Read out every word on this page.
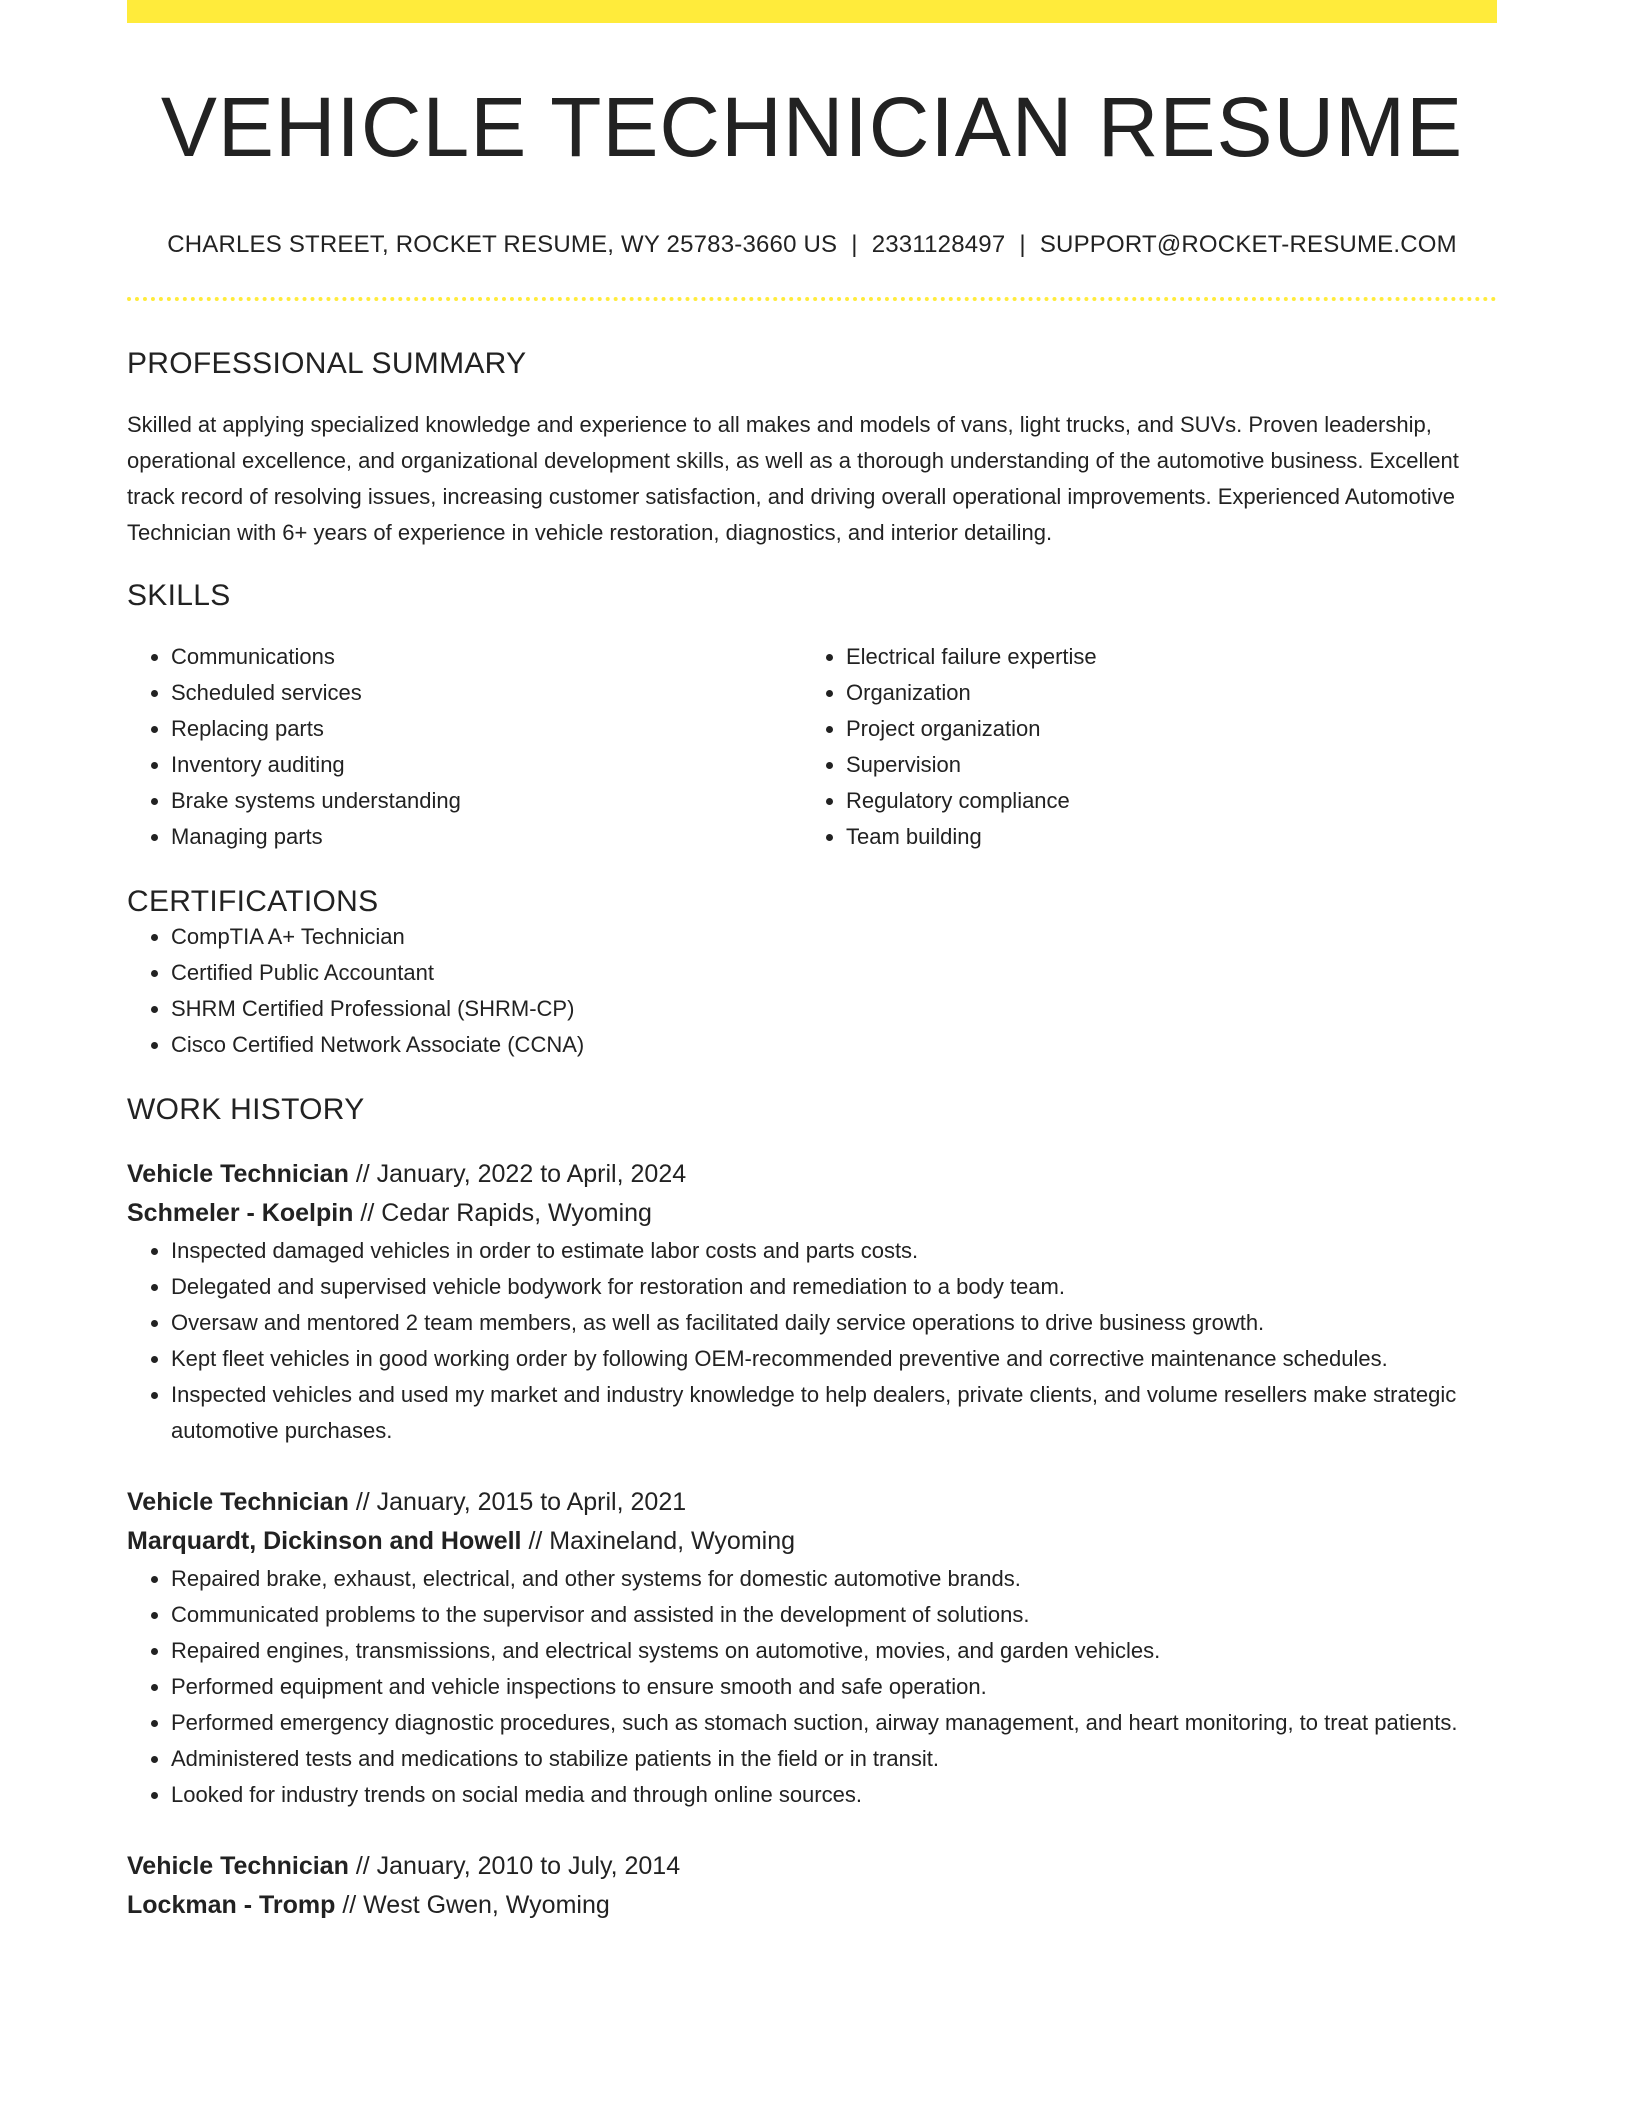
VEHICLE TECHNICIAN RESUME
CHARLES STREET, ROCKET RESUME, WY 25783-3660 US | 2331128497 | SUPPORT@ROCKET-RESUME.COM
PROFESSIONAL SUMMARY
Skilled at applying specialized knowledge and experience to all makes and models of vans, light trucks, and SUVs. Proven leadership, operational excellence, and organizational development skills, as well as a thorough understanding of the automotive business. Excellent track record of resolving issues, increasing customer satisfaction, and driving overall operational improvements. Experienced Automotive Technician with 6+ years of experience in vehicle restoration, diagnostics, and interior detailing.
SKILLS
• Communications
• Scheduled services
• Replacing parts
• Inventory auditing
• Brake systems understanding
• Managing parts
• Electrical failure expertise
• Organization
• Project organization
• Supervision
• Regulatory compliance
• Team building
CERTIFICATIONS
• CompTIA A+ Technician
• Certified Public Accountant
• SHRM Certified Professional (SHRM-CP)
• Cisco Certified Network Associate (CCNA)
WORK HISTORY
Vehicle Technician // January, 2022 to April, 2024
Schmeler - Koelpin // Cedar Rapids, Wyoming
• Inspected damaged vehicles in order to estimate labor costs and parts costs.
• Delegated and supervised vehicle bodywork for restoration and remediation to a body team.
• Oversaw and mentored 2 team members, as well as facilitated daily service operations to drive business growth.
• Kept fleet vehicles in good working order by following OEM-recommended preventive and corrective maintenance schedules.
• Inspected vehicles and used my market and industry knowledge to help dealers, private clients, and volume resellers make strategic automotive purchases.
Vehicle Technician // January, 2015 to April, 2021
Marquardt, Dickinson and Howell // Maxineland, Wyoming
• Repaired brake, exhaust, electrical, and other systems for domestic automotive brands.
• Communicated problems to the supervisor and assisted in the development of solutions.
• Repaired engines, transmissions, and electrical systems on automotive, movies, and garden vehicles.
• Performed equipment and vehicle inspections to ensure smooth and safe operation.
• Performed emergency diagnostic procedures, such as stomach suction, airway management, and heart monitoring, to treat patients.
• Administered tests and medications to stabilize patients in the field or in transit.
• Looked for industry trends on social media and through online sources.
Vehicle Technician // January, 2010 to July, 2014
Lockman - Tromp // West Gwen, Wyoming
